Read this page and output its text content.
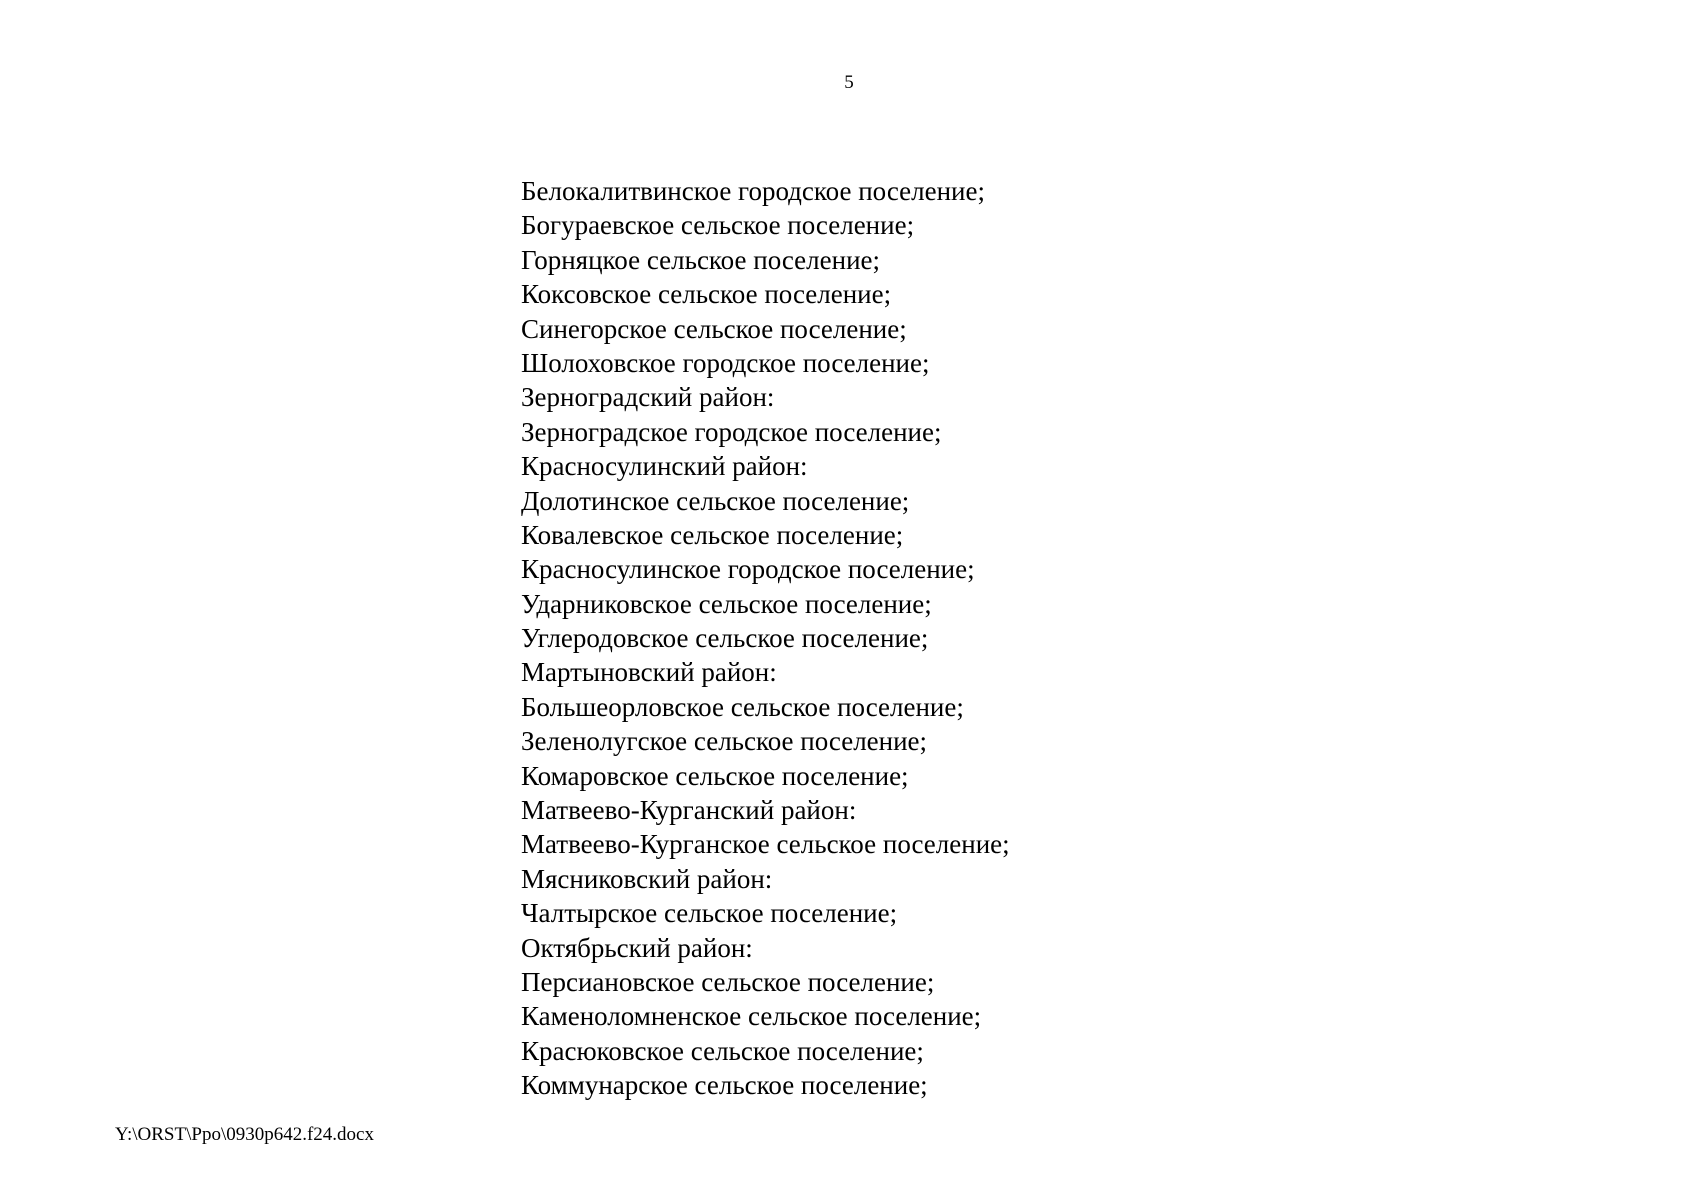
5
Белокалитвинское городское поселение;
Богураевское сельское поселение;
Горняцкое сельское поселение;
Коксовское сельское поселение;
Синегорское сельское поселение;
Шолоховское городское поселение;
Зерноградский район:
Зерноградское городское поселение;
Красносулинский район:
Долотинское сельское поселение;
Ковалевское сельское поселение;
Красносулинское городское поселение;
Ударниковское сельское поселение;
Углеродовское сельское поселение;
Мартыновский район:
Большеорловское сельское поселение;
Зеленолугское сельское поселение;
Комаровское сельское поселение;
Матвеево-Курганский район:
Матвеево-Курганское сельское поселение;
Мясниковский район:
Чалтырское сельское поселение;
Октябрьский район:
Персиановское сельское поселение;
Каменоломненское сельское поселение;
Красюковское сельское поселение;
Коммунарское сельское поселение;
Y:\ORST\Ppo\0930p642.f24.docx
